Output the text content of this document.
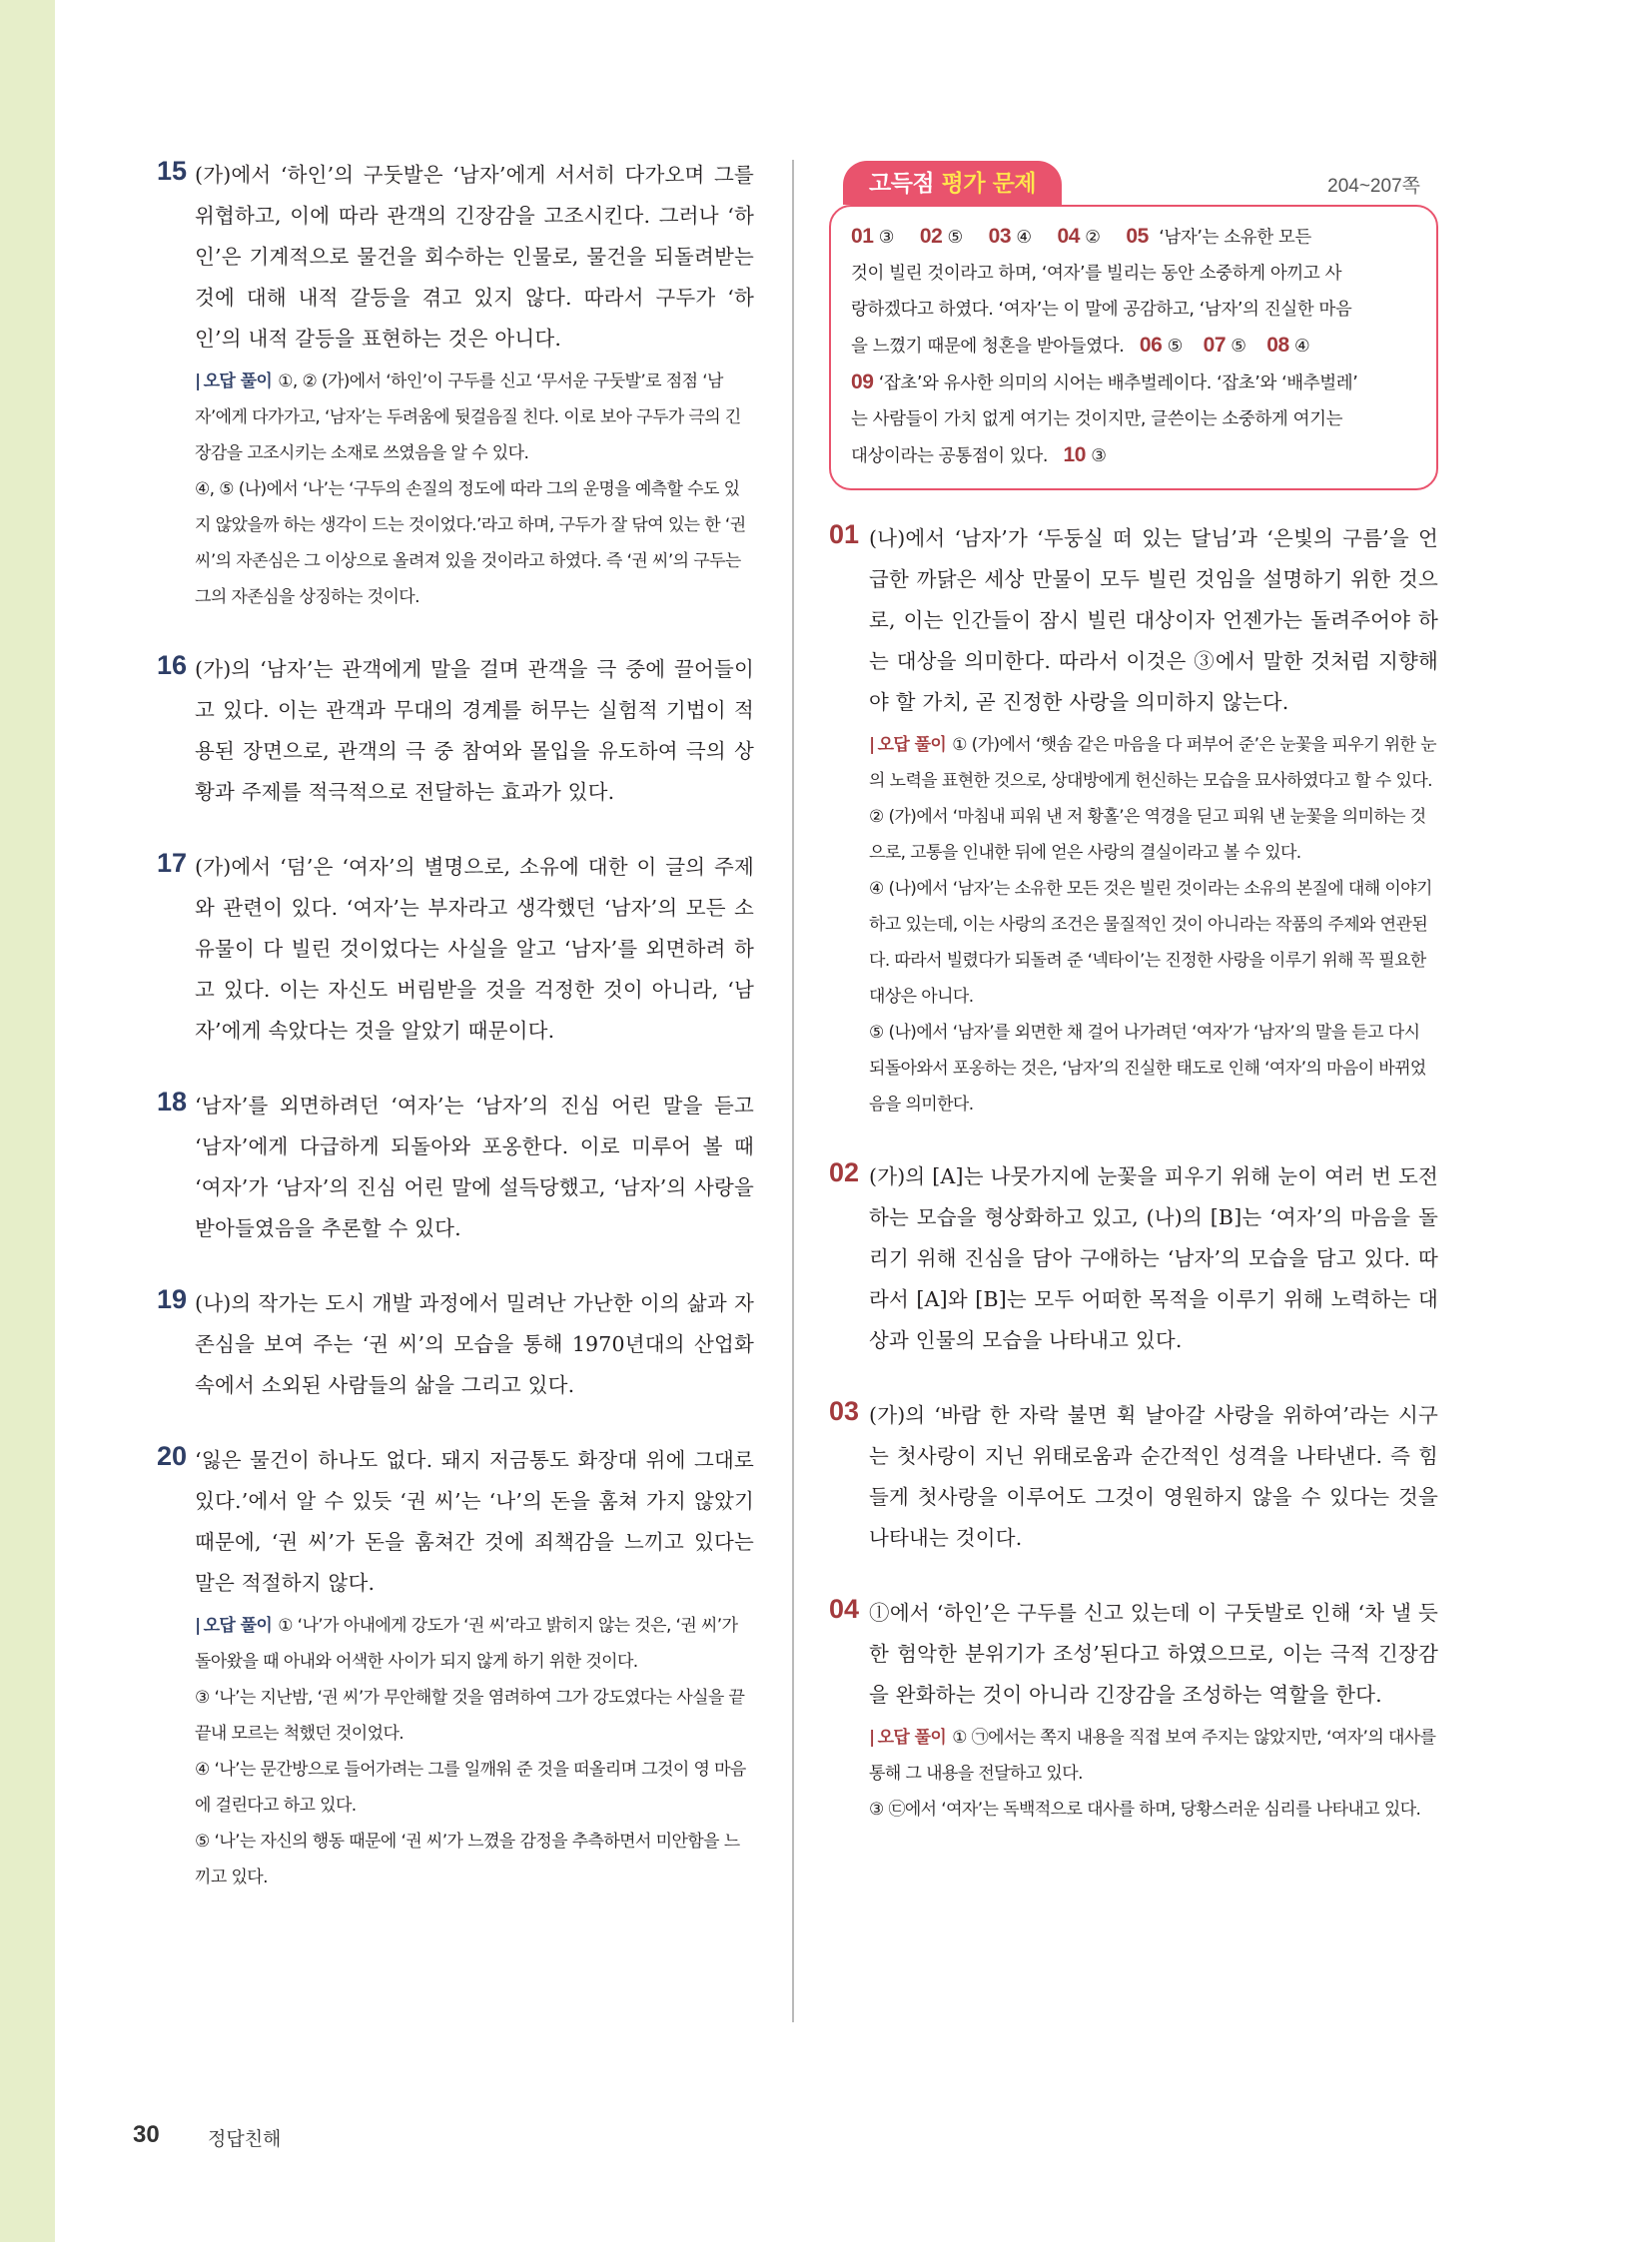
15 (가)에서 ‘하인’의 구둣발은 ‘남자’에게 서서히 다가오며 그를 위협하고, 이에 따라 관객의 긴장감을 고조시킨다. 그러나 ‘하인’은 기계적으로 물건을 회수하는 인물로, 물건을 되돌려받는 것에 대해 내적 갈등을 겪고 있지 않다. 따라서 구두가 ‘하인’의 내적 갈등을 표현하는 것은 아니다.

| 오답 풀이 ①, ② (가)에서 ‘하인’이 구두를 신고 ‘무서운 구둣발’로 점점 ‘남자’에게 다가가고, ‘남자’는 두려움에 뒷걸음질 친다. 이로 보아 구두가 극의 긴장감을 고조시키는 소재로 쓰였음을 알 수 있다.

④, ⑤ (나)에서 ‘나’는 ‘구두의 손질의 정도에 따라 그의 운명을 예측할 수도 있지 않았을까 하는 생각이 드는 것이었다.’라고 하며, 구두가 잘 닦여 있는 한 ‘권 씨’의 자존심은 그 이상으로 올려져 있을 것이라고 하였다. 즉 ‘권 씨’의 구두는 그의 자존심을 상징하는 것이다.

16 (가)의 ‘남자’는 관객에게 말을 걸며 관객을 극 중에 끌어들이고 있다. 이는 관객과 무대의 경계를 허무는 실험적 기법이 적용된 장면으로, 관객의 극 중 참여와 몰입을 유도하여 극의 상황과 주제를 적극적으로 전달하는 효과가 있다.

17 (가)에서 ‘덤’은 ‘여자’의 별명으로, 소유에 대한 이 글의 주제와 관련이 있다. ‘여자’는 부자라고 생각했던 ‘남자’의 모든 소유물이 다 빌린 것이었다는 사실을 알고 ‘남자’를 외면하려 하고 있다. 이는 자신도 버림받을 것을 걱정한 것이 아니라, ‘남자’에게 속았다는 것을 알았기 때문이다.

18 ‘남자’를 외면하려던 ‘여자’는 ‘남자’의 진심 어린 말을 듣고 ‘남자’에게 다급하게 되돌아와 포옹한다. 이로 미루어 볼 때 ‘여자’가 ‘남자’의 진심 어린 말에 설득당했고, ‘남자’의 사랑을 받아들였음을 추론할 수 있다.

19 (나)의 작가는 도시 개발 과정에서 밀려난 가난한 이의 삶과 자존심을 보여 주는 ‘권 씨’의 모습을 통해 1970년대의 산업화 속에서 소외된 사람들의 삶을 그리고 있다.

20 ‘잃은 물건이 하나도 없다. 돼지 저금통도 화장대 위에 그대로 있다.’에서 알 수 있듯 ‘권 씨’는 ‘나’의 돈을 훔쳐 가지 않았기 때문에, ‘권 씨’가 돈을 훔쳐간 것에 죄책감을 느끼고 있다는 말은 적절하지 않다.

| 오답 풀이 ① ‘나’가 아내에게 강도가 ‘권 씨’라고 밝히지 않는 것은, ‘권 씨’가 돌아왔을 때 아내와 어색한 사이가 되지 않게 하기 위한 것이다.

③ ‘나’는 지난밤, ‘권 씨’가 무안해할 것을 염려하여 그가 강도였다는 사실을 끝끝내 모르는 척했던 것이었다.

④ ‘나’는 문간방으로 들어가려는 그를 일깨워 준 것을 떠올리며 그것이 영 마음에 걸린다고 하고 있다.

⑤ ‘나’는 자신의 행동 때문에 ‘권 씨’가 느꼈을 감정을 추측하면서 미안함을 느끼고 있다.

고득점 평가 문제	204~207쪽

01 ③     02 ⑤     03 ④     04 ②     05  ‘남자’는 소유한 모든

것이 빌린 것이라고 하며, ‘여자’를 빌리는 동안 소중하게 아끼고 사

랑하겠다고 하였다. ‘여자’는 이 말에 공감하고, ‘남자’의 진실한 마음

을 느꼈기 때문에 청혼을 받아들였다.   06 ⑤    07 ⑤    08 ④

09 ‘잡초’와 유사한 의미의 시어는 배추벌레이다. ‘잡초’와 ‘배추벌레’

는 사람들이 가치 없게 여기는 것이지만, 글쓴이는 소중하게 여기는

대상이라는 공통점이 있다.   10 ③

01 (나)에서 ‘남자’가 ‘두둥실 떠 있는 달님’과 ‘은빛의 구름’을 언급한 까닭은 세상 만물이 모두 빌린 것임을 설명하기 위한 것으로, 이는 인간들이 잠시 빌린 대상이자 언젠가는 돌려주어야 하는 대상을 의미한다. 따라서 이것은 ③에서 말한 것처럼 지향해야 할 가치, 곧 진정한 사랑을 의미하지 않는다.

| 오답 풀이 ① (가)에서 ‘햇솜 같은 마음을 다 퍼부어 준’은 눈꽃을 피우기 위한 눈의 노력을 표현한 것으로, 상대방에게 헌신하는 모습을 묘사하였다고 할 수 있다.

② (가)에서 ‘마침내 피워 낸 저 황홀’은 역경을 딛고 피워 낸 눈꽃을 의미하는 것으로, 고통을 인내한 뒤에 얻은 사랑의 결실이라고 볼 수 있다.

④ (나)에서 ‘남자’는 소유한 모든 것은 빌린 것이라는 소유의 본질에 대해 이야기하고 있는데, 이는 사랑의 조건은 물질적인 것이 아니라는 작품의 주제와 연관된다. 따라서 빌렸다가 되돌려 준 ‘넥타이’는 진정한 사랑을 이루기 위해 꼭 필요한 대상은 아니다.

⑤ (나)에서 ‘남자’를 외면한 채 걸어 나가려던 ‘여자’가 ‘남자’의 말을 듣고 다시 되돌아와서 포옹하는 것은, ‘남자’의 진실한 태도로 인해 ‘여자’의 마음이 바뀌었음을 의미한다.

02 (가)의 [A]는 나뭇가지에 눈꽃을 피우기 위해 눈이 여러 번 도전하는 모습을 형상화하고 있고, (나)의 [B]는 ‘여자’의 마음을 돌리기 위해 진심을 담아 구애하는 ‘남자’의 모습을 담고 있다. 따라서 [A]와 [B]는 모두 어떠한 목적을 이루기 위해 노력하는 대상과 인물의 모습을 나타내고 있다.

03 (가)의 ‘바람 한 자락 불면 휙 날아갈 사랑을 위하여’라는 시구는 첫사랑이 지닌 위태로움과 순간적인 성격을 나타낸다. 즉 힘들게 첫사랑을 이루어도 그것이 영원하지 않을 수 있다는 것을 나타내는 것이다.

04 ⓛ에서 ‘하인’은 구두를 신고 있는데 이 구둣발로 인해 ‘차 낼 듯한 험악한 분위기가 조성’된다고 하였으므로, 이는 극적 긴장감을 완화하는 것이 아니라 긴장감을 조성하는 역할을 한다.

| 오답 풀이 ① ㉠에서는 쪽지 내용을 직접 보여 주지는 않았지만, ‘여자’의 대사를 통해 그 내용을 전달하고 있다.

③ ㉢에서 ‘여자’는 독백적으로 대사를 하며, 당황스러운 심리를 나타내고 있다.

30	정답친해
